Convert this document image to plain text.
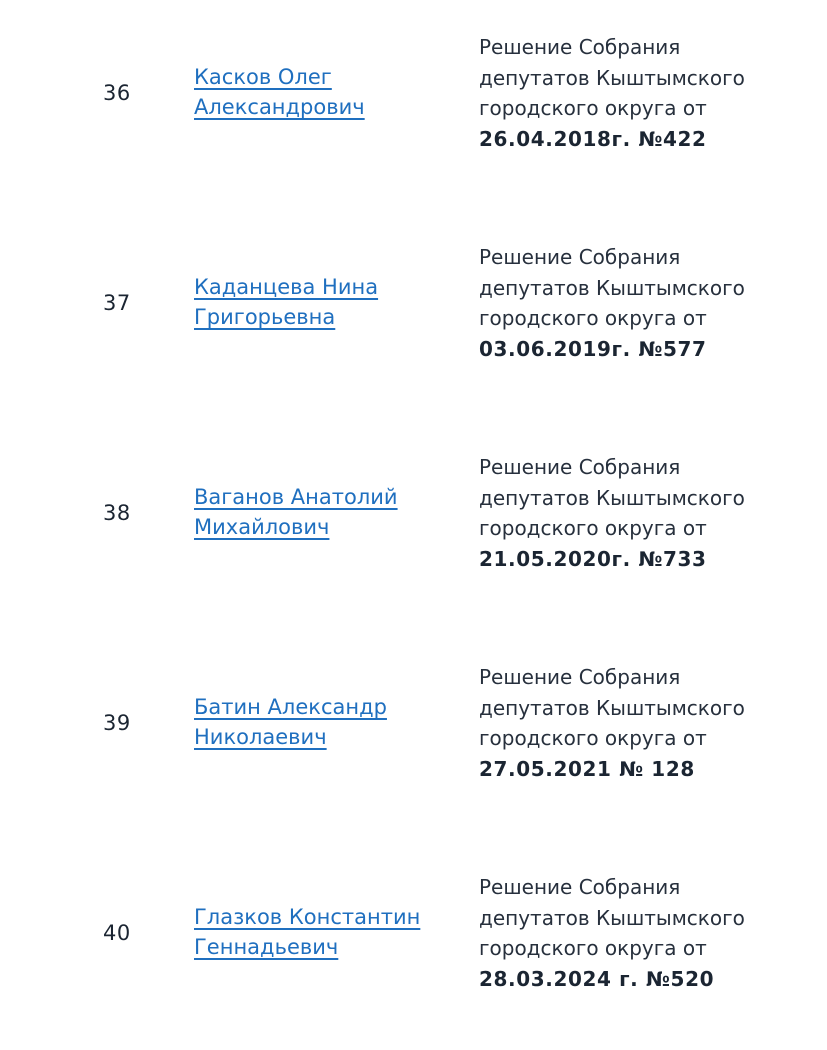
36
Касков Олег
Александрович
Решение Собрания
депутатов Кыштымского
городского округа от
26.04.2018г. №422
37
Каданцева Нина
Григорьевна
Решение Собрания
депутатов Кыштымского
городского округа от
03.06.2019г. №577
38
Ваганов Анатолий
Михайлович
Решение Собрания
депутатов Кыштымского
городского округа от
21.05.2020г. №733
39
Батин Александр
Николаевич
Решение Собрания
депутатов Кыштымского
городского округа от
27.05.2021 № 128
40
Глазков Константин
Геннадьевич
Решение Собрания
депутатов Кыштымского
городского округа от
28.03.2024 г. №520
